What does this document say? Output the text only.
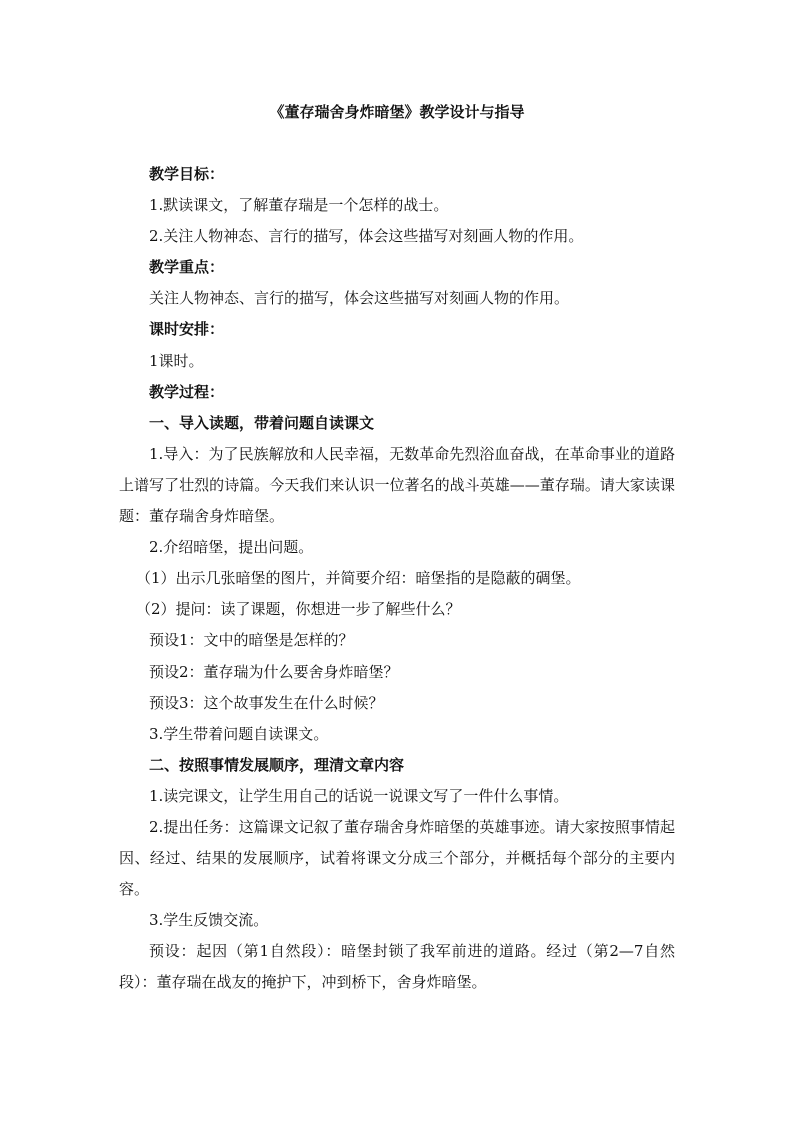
《董存瑞舍身炸暗堡》教学设计与指导
教学目标：
1.默读课文，了解董存瑞是一个怎样的战士。
2.关注人物神态、言行的描写，体会这些描写对刻画人物的作用。
教学重点：
关注人物神态、言行的描写，体会这些描写对刻画人物的作用。
课时安排：
1课时。
教学过程：
一、导入读题，带着问题自读课文
1.导入：为了民族解放和人民幸福，无数革命先烈浴血奋战，在革命事业的道路上谱写了壮烈的诗篇。今天我们来认识一位著名的战斗英雄——董存瑞。请大家读课题：董存瑞舍身炸暗堡。
2.介绍暗堡，提出问题。
（1）出示几张暗堡的图片，并简要介绍：暗堡指的是隐蔽的碉堡。
（2）提问：读了课题，你想进一步了解些什么？
预设1：文中的暗堡是怎样的？
预设2：董存瑞为什么要舍身炸暗堡？
预设3：这个故事发生在什么时候？
3.学生带着问题自读课文。
二、按照事情发展顺序，理清文章内容
1.读完课文，让学生用自己的话说一说课文写了一件什么事情。
2.提出任务：这篇课文记叙了董存瑞舍身炸暗堡的英雄事迹。请大家按照事情起因、经过、结果的发展顺序，试着将课文分成三个部分，并概括每个部分的主要内容。
3.学生反馈交流。
预设：起因（第1自然段）：暗堡封锁了我军前进的道路。经过（第2—7自然段）：董存瑞在战友的掩护下，冲到桥下，舍身炸暗堡。
